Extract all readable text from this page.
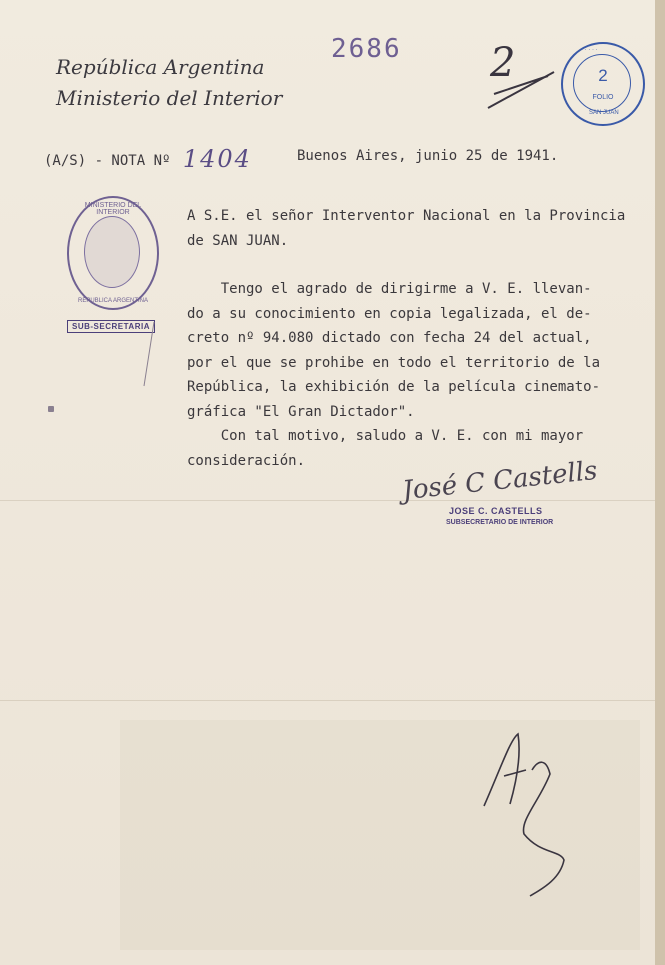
República Argentina
Ministerio del Interior
2686 2	· · · · ·
2
FOLIO
SAN JUAN
(A/S) - NOTA Nº 1404	Buenos Aires, junio 25 de 1941.
MINISTERIO DEL INTERIOR
REPUBLICA ARGENTINA
SUB-SECRETARIA
A S.E. el señor Interventor Nacional en la Provincia
de SAN JUAN.
Tengo el agrado de dirigirme a V. E. llevan-
do a su conocimiento en copia legalizada, el de-
creto nº 94.080 dictado con fecha 24 del actual,
por el que se prohibe en todo el territorio de la
República, la exhibición de la película cinemato-
gráfica "El Gran Dictador".
Con tal motivo, saludo a V. E. con mi mayor
consideración.	José C Castells
JOSE C. CASTELLS
SUBSECRETARIO DE INTERIOR
